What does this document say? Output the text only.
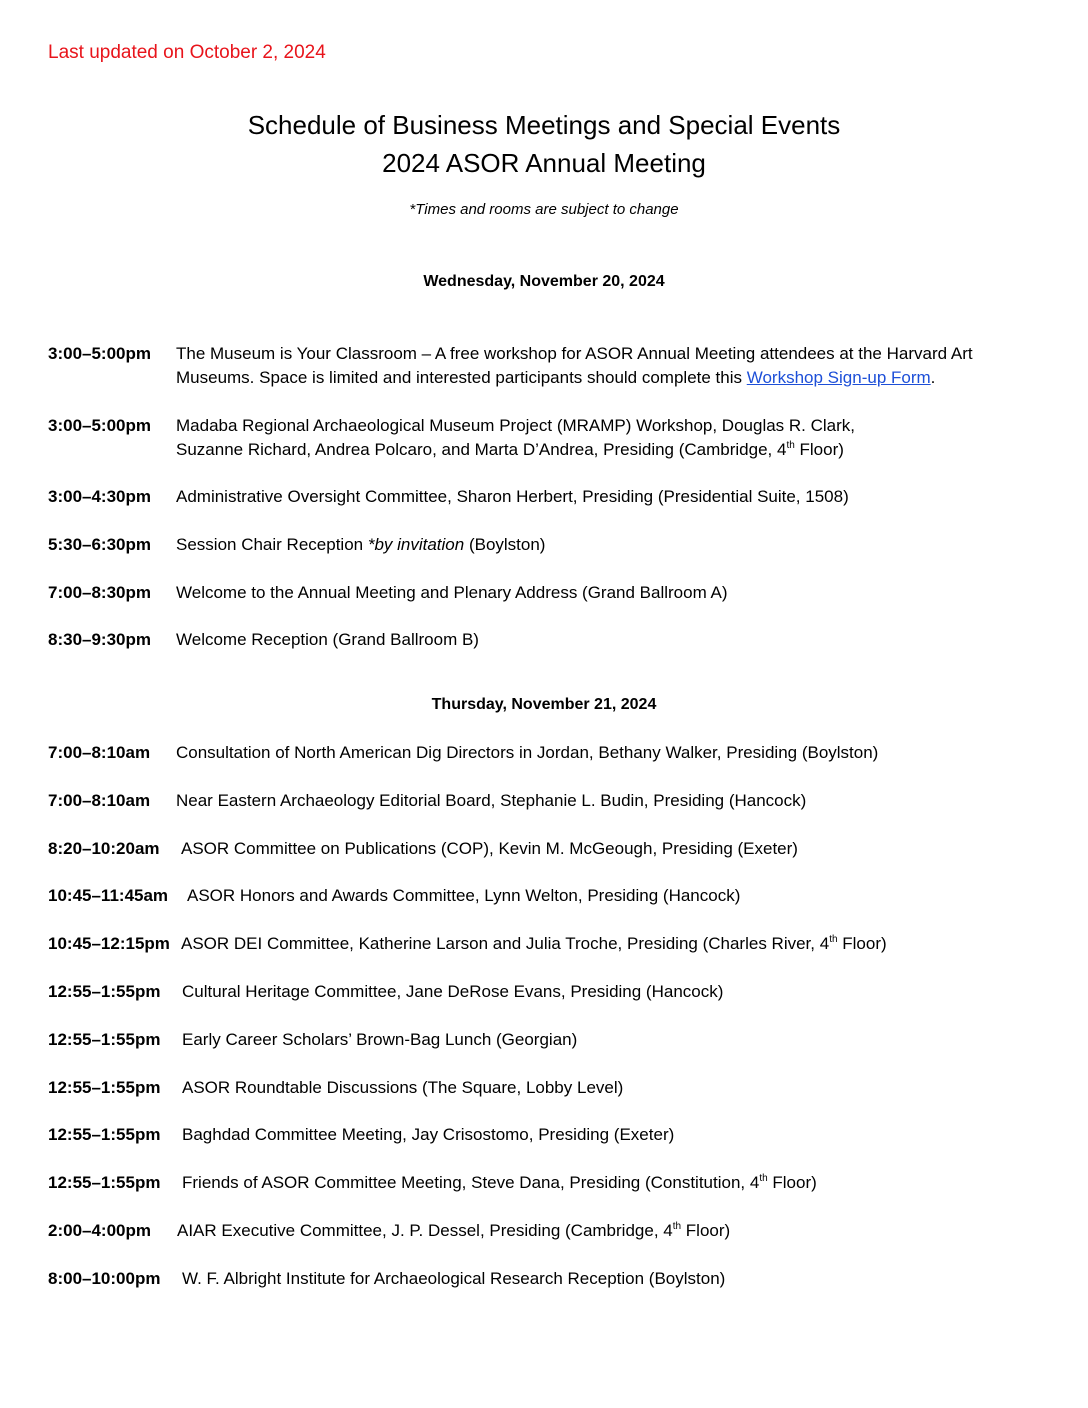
Last updated on October 2, 2024

Schedule of Business Meetings and Special Events
2024 ASOR Annual Meeting

*Times and rooms are subject to change

Wednesday, November 20, 2024
3:00–5:00pm The Museum is Your Classroom – A free workshop for ASOR Annual Meeting attendees at the Harvard Art
Museums. Space is limited and interested participants should complete this Workshop Sign-up Form.
3:00–5:00pm Madaba Regional Archaeological Museum Project (MRAMP) Workshop, Douglas R. Clark,
Suzanne Richard, Andrea Polcaro, and Marta D’Andrea, Presiding (Cambridge, 4th Floor)
3:00–4:30pm Administrative Oversight Committee, Sharon Herbert, Presiding (Presidential Suite, 1508)
5:30–6:30pm Session Chair Reception *by invitation (Boylston)
7:00–8:30pm Welcome to the Annual Meeting and Plenary Address (Grand Ballroom A)
8:30–9:30pm Welcome Reception (Grand Ballroom B)
Thursday, November 21, 2024
7:00–8:10am Consultation of North American Dig Directors in Jordan, Bethany Walker, Presiding (Boylston)
7:00–8:10am Near Eastern Archaeology Editorial Board, Stephanie L. Budin, Presiding (Hancock)
8:20–10:20am ASOR Committee on Publications (COP), Kevin M. McGeough, Presiding (Exeter)
10:45–11:45am ASOR Honors and Awards Committee, Lynn Welton, Presiding (Hancock)
10:45–12:15pm ASOR DEI Committee, Katherine Larson and Julia Troche, Presiding (Charles River, 4th Floor)
12:55–1:55pm Cultural Heritage Committee, Jane DeRose Evans, Presiding (Hancock)
12:55–1:55pm Early Career Scholars’ Brown-Bag Lunch (Georgian)
12:55–1:55pm ASOR Roundtable Discussions (The Square, Lobby Level)
12:55–1:55pm Baghdad Committee Meeting, Jay Crisostomo, Presiding (Exeter)
12:55–1:55pm Friends of ASOR Committee Meeting, Steve Dana, Presiding (Constitution, 4th Floor)
2:00–4:00pm AIAR Executive Committee, J. P. Dessel, Presiding (Cambridge, 4th Floor)
8:00–10:00pm W. F. Albright Institute for Archaeological Research Reception (Boylston)
